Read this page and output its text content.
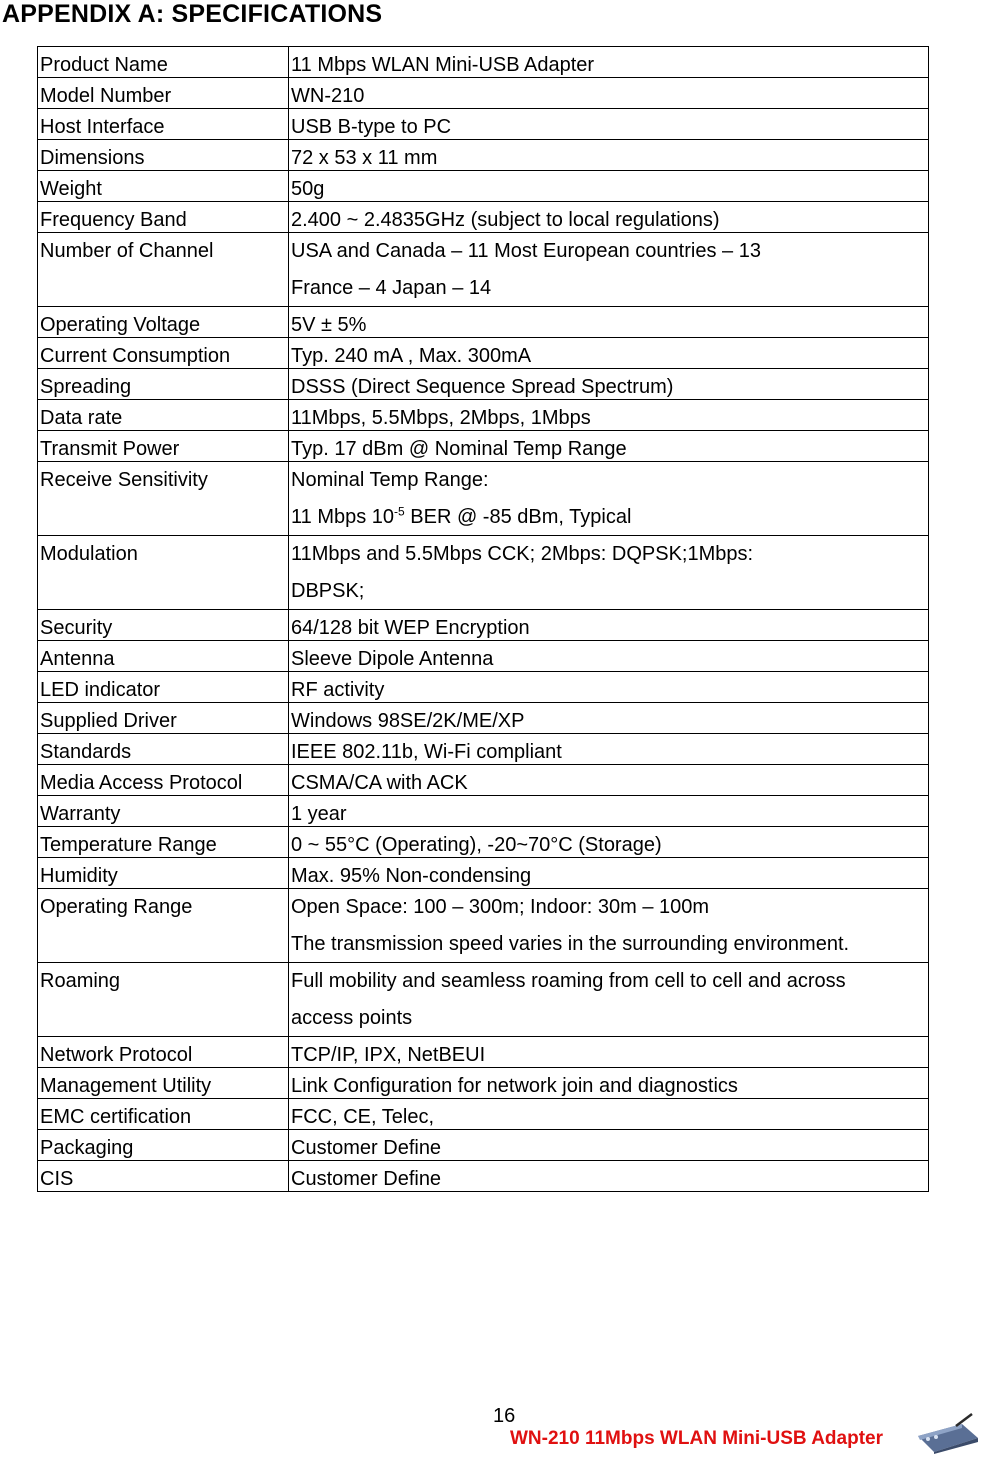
APPENDIX A: SPECIFICATIONS
Product Name	11 Mbps WLAN Mini-USB Adapter

Model Number	WN-210

Host Interface	USB B-type to PC

Dimensions	72 x 53 x 11 mm

Weight	50g

Frequency Band	2.400 ~ 2.4835GHz (subject to local regulations)

Number of Channel	USA and Canada – 11 Most European countries – 13
France – 4 Japan – 14

Operating Voltage	5V ± 5%

Current Consumption	Typ. 240 mA , Max. 300mA

Spreading	DSSS (Direct Sequence Spread Spectrum)

Data rate	11Mbps, 5.5Mbps, 2Mbps, 1Mbps

Transmit Power	Typ. 17 dBm @ Nominal Temp Range

Receive Sensitivity	Nominal Temp Range:
11 Mbps $10^{-5}$ BER @ -85 dBm, Typical

Modulation	11Mbps and 5.5Mbps CCK; 2Mbps: DQPSK;1Mbps:
DBPSK;

Security	64/128 bit WEP Encryption

Antenna	Sleeve Dipole Antenna

LED indicator	RF activity

Supplied Driver	Windows 98SE/2K/ME/XP

Standards	IEEE 802.11b, Wi-Fi compliant

Media Access Protocol	CSMA/CA with ACK

Warranty	1 year

Temperature Range	0 ~ 55°C (Operating), -20~70°C (Storage)

Humidity	Max. 95% Non-condensing

Operating Range	Open Space: 100 – 300m; Indoor: 30m – 100m
The transmission speed varies in the surrounding environment.

Roaming	Full mobility and seamless roaming from cell to cell and across
access points

Network Protocol	TCP/IP, IPX, NetBEUI

Management Utility	Link Configuration for network join and diagnostics

EMC certification	FCC, CE, Telec,

Packaging	Customer Define

CIS	Customer Define
16
WN-210 11Mbps WLAN Mini-USB Adapter
